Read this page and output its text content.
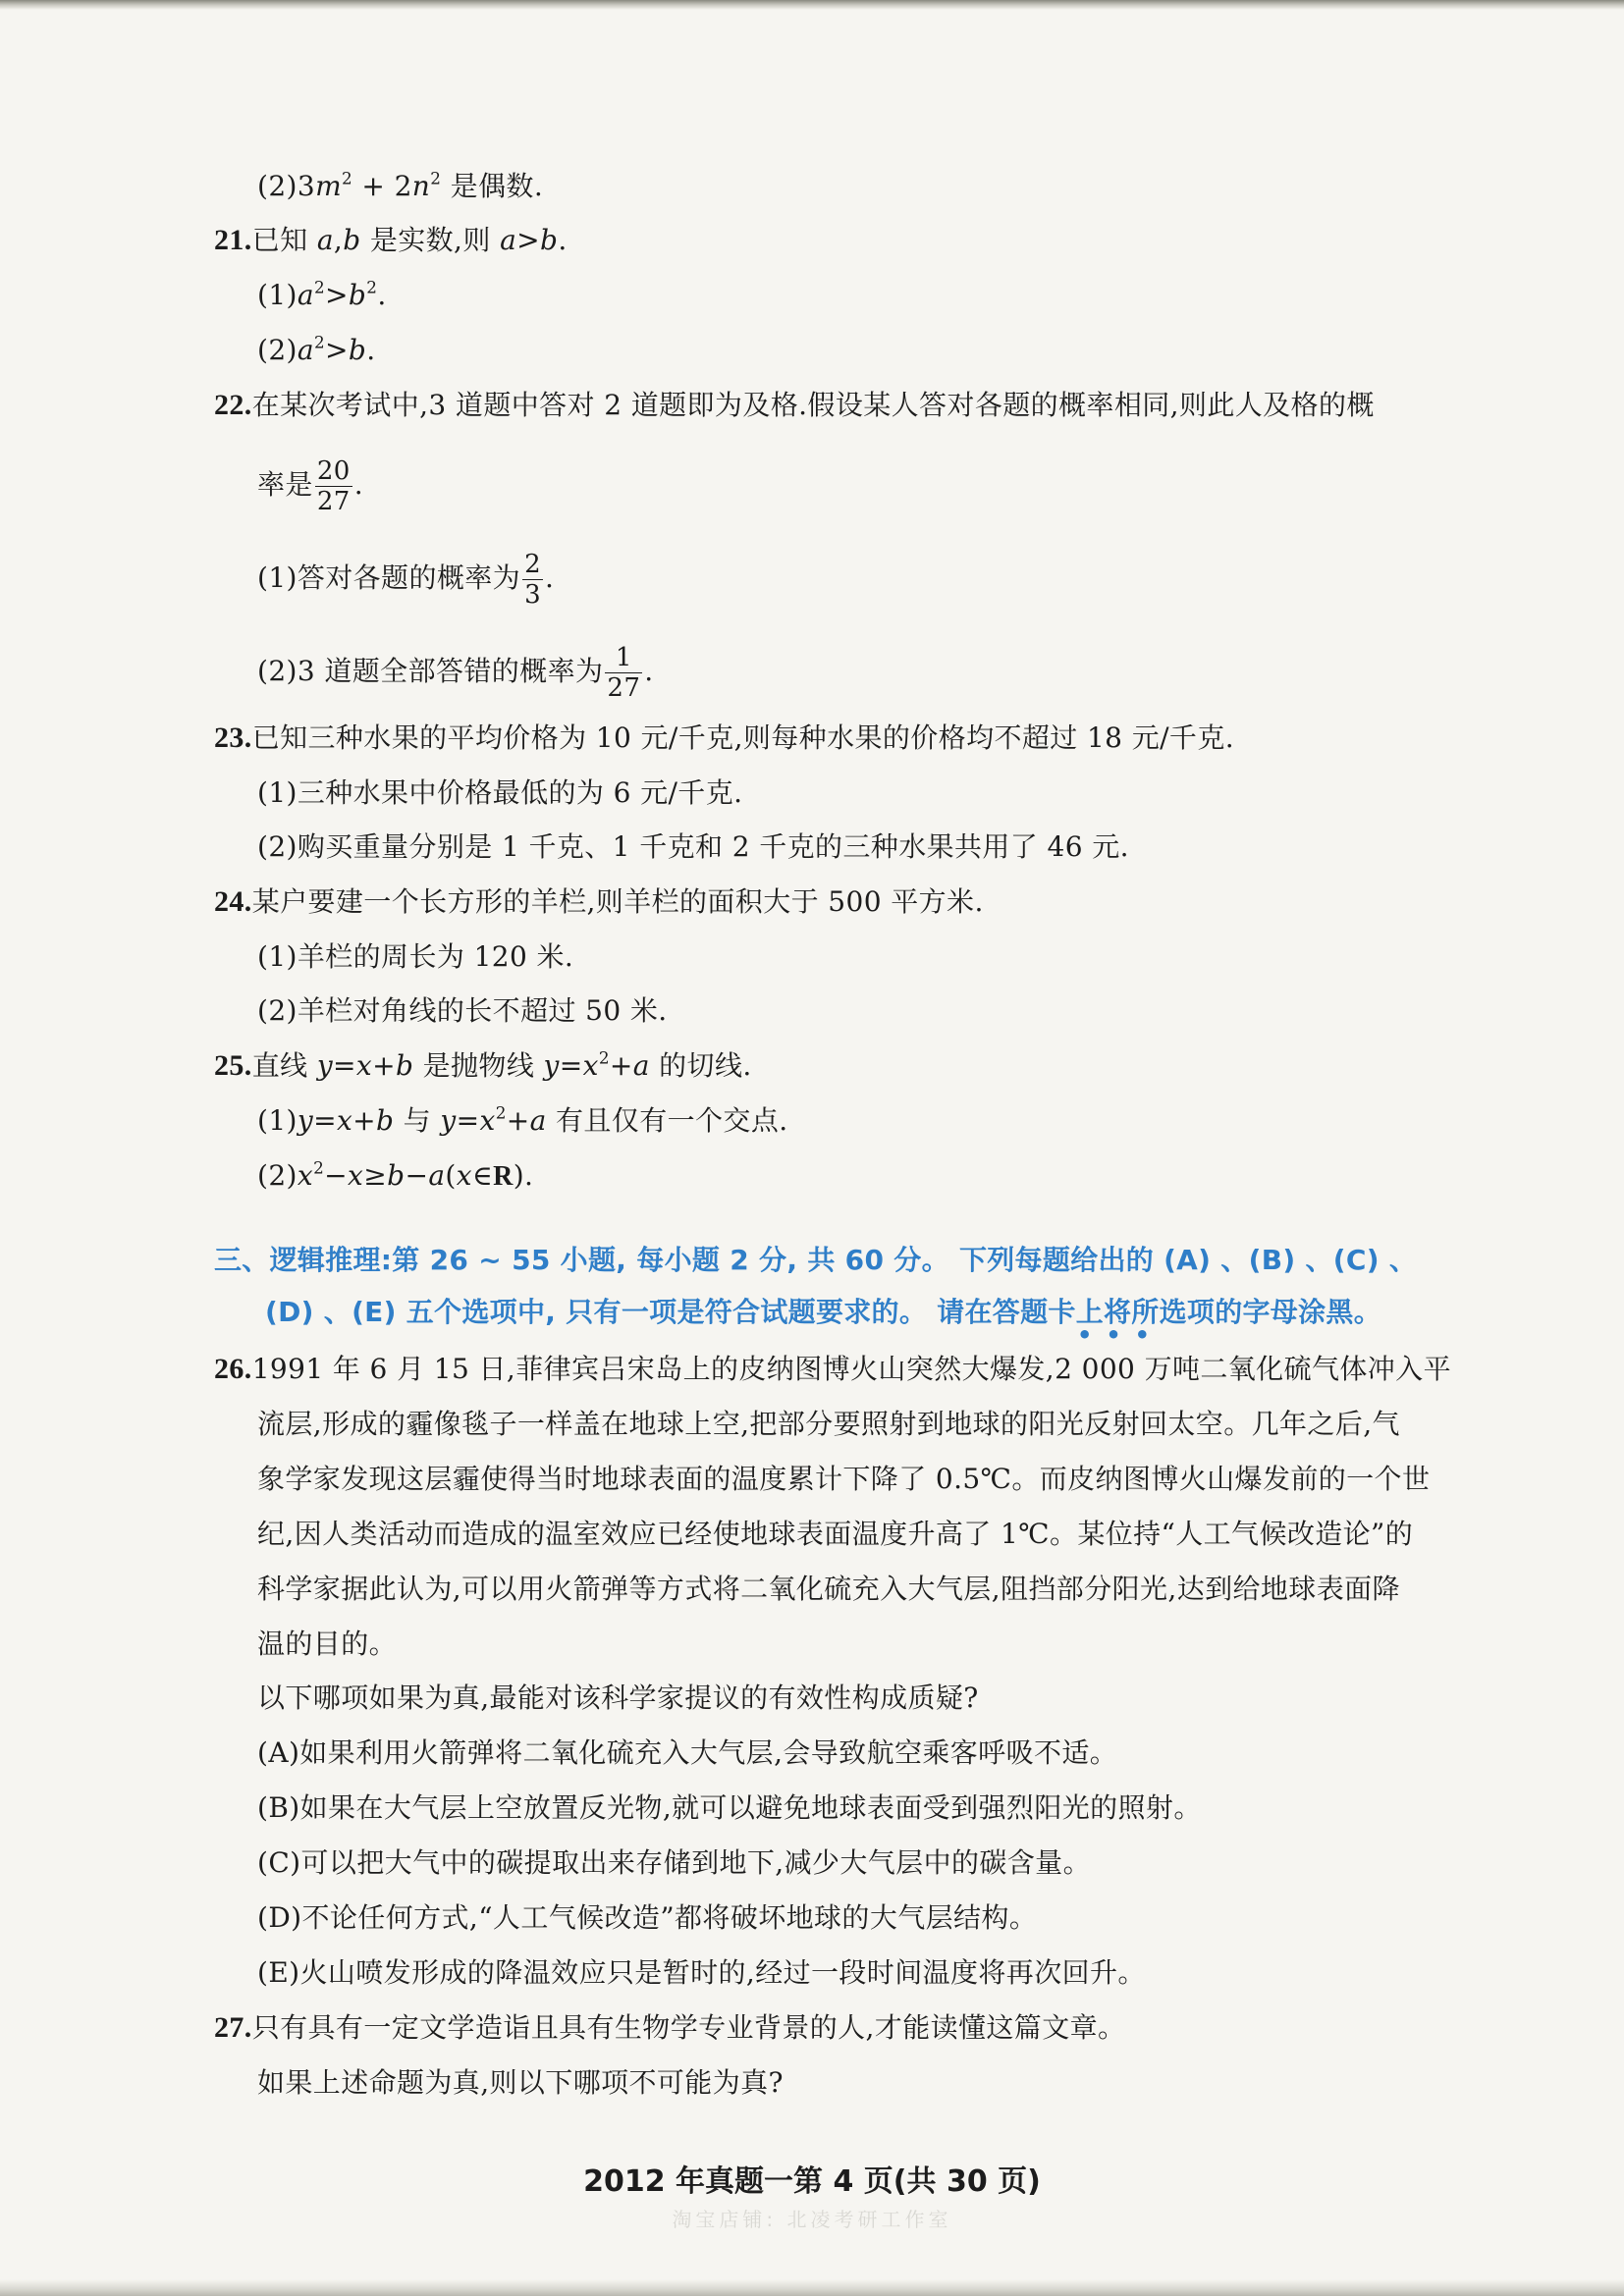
$(2)3m^2 + 2n^2$ 是偶数.
21.已知 a,b 是实数,则 a>b.
$(1)a^2>b^2$.
$(2)a^2>b$.
22.在某次考试中,3 道题中答对 2 道题即为及格.假设某人答对各题的概率相同,则此人及格的概
率是 $\frac{20}{27}$ .
(1)答对各题的概率为 $\frac{2}{3}$ .
(2)3 道题全部答错的概率为 $\frac{1}{27}$ .
23.已知三种水果的平均价格为 10 元/千克,则每种水果的价格均不超过 18 元/千克.
(1)三种水果中价格最低的为 6 元/千克.
(2)购买重量分别是 1 千克、1 千克和 2 千克的三种水果共用了 46 元.
24.某户要建一个长方形的羊栏,则羊栏的面积大于 500 平方米.
(1)羊栏的周长为 120 米.
(2)羊栏对角线的长不超过 50 米.
25.直线 y=x+b 是抛物线 $y=x^2+a$ 的切线.
(1)y=x+b 与 $y=x^2+a$ 有且仅有一个交点.
$(2)x^2-x\ge b-a(x\in R)$.
三、逻辑推理:第 26 ~ 55 小题, 每小题 2 分, 共 60 分。 下列每题给出的 (A) 、(B) 、(C) 、
(D) 、(E) 五个选项中, 只有一项是符合试题要求的。 请在答题卡上将所选项的字母涂黑。
•••
26.1991 年 6 月 15 日,菲律宾吕宋岛上的皮纳图博火山突然大爆发,2 000 万吨二氧化硫气体冲入平
流层,形成的霾像毯子一样盖在地球上空,把部分要照射到地球的阳光反射回太空。几年之后,气
象学家发现这层霾使得当时地球表面的温度累计下降了 0.5℃。而皮纳图博火山爆发前的一个世
纪,因人类活动而造成的温室效应已经使地球表面温度升高了 1℃。某位持“人工气候改造论”的
科学家据此认为,可以用火箭弹等方式将二氧化硫充入大气层,阻挡部分阳光,达到给地球表面降
温的目的。
以下哪项如果为真,最能对该科学家提议的有效性构成质疑?
(A)如果利用火箭弹将二氧化硫充入大气层,会导致航空乘客呼吸不适。
(B)如果在大气层上空放置反光物,就可以避免地球表面受到强烈阳光的照射。
(C)可以把大气中的碳提取出来存储到地下,减少大气层中的碳含量。
(D)不论任何方式,“人工气候改造”都将破坏地球的大气层结构。
(E)火山喷发形成的降温效应只是暂时的,经过一段时间温度将再次回升。
27.只有具有一定文学造诣且具有生物学专业背景的人,才能读懂这篇文章。
如果上述命题为真,则以下哪项不可能为真?
2012 年真题一第 4 页(共 30 页)
淘宝店铺: 北凌考研工作室
